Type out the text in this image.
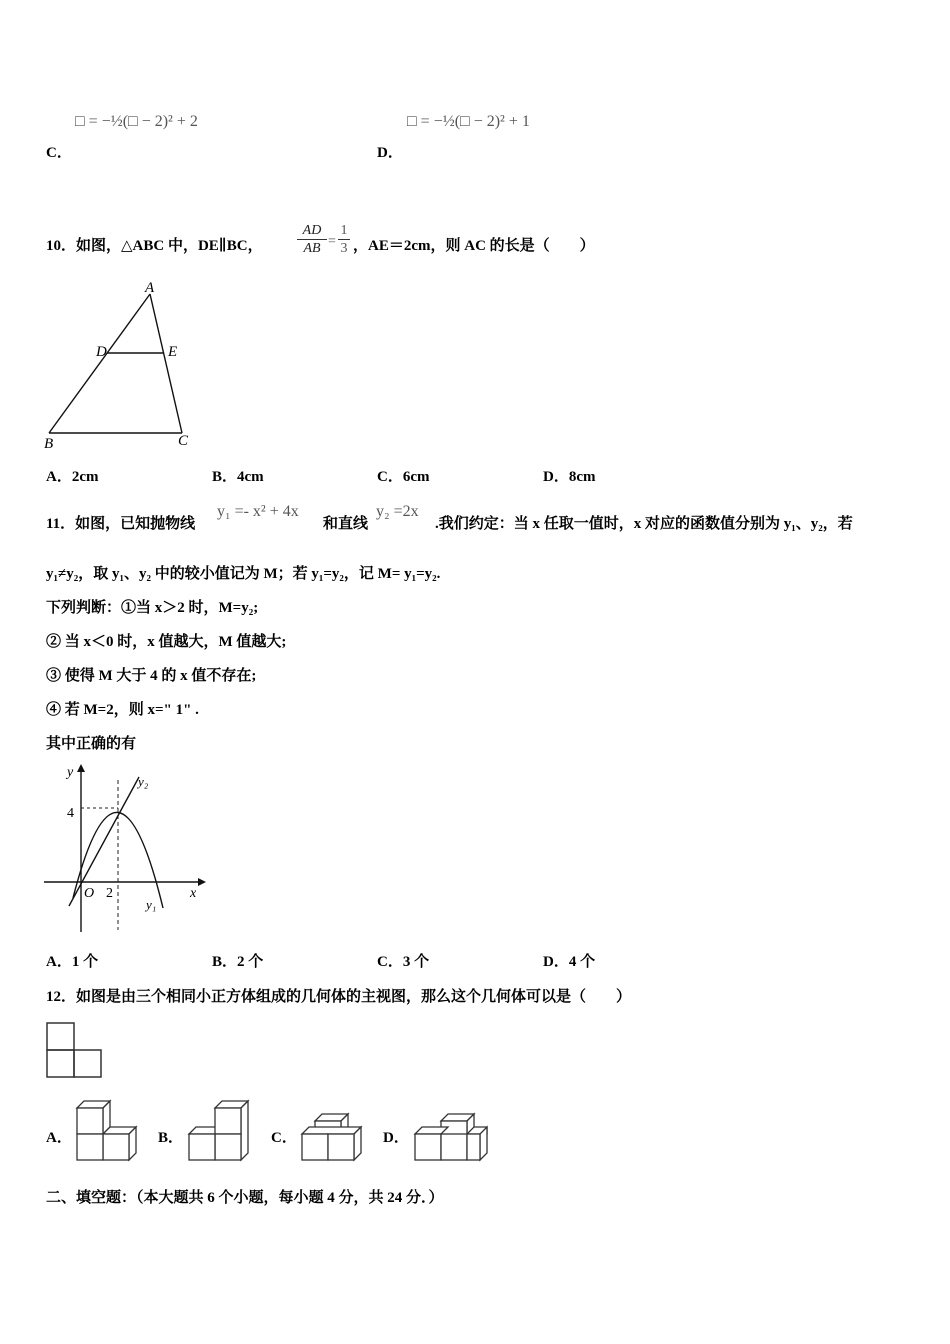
□ = −½(□ − 2)² + 2
C．
□ = −½(□ − 2)² + 1
D．
10．如图，△ABC 中，DE∥BC，
AD
AB =
1
3 ，AE＝2cm，则 AC 的长是（　　）
A
B	C
D	E
A．2cm	B．4cm	C．6cm	D．8cm
11．如图，已知抛物线
y₁ =- x² + 4x
和直线
y₂ =2x
.我们约定：当 x 任取一值时，x 对应的函数值分别为 y₁、y₂，若
y₁≠y₂，取 y₁、y₂ 中的较小值记为 M；若 y₁=y₂，记 M= y₁=y₂.
下列判断：①当 x＞2 时，M=y₂;
② 当 x＜0 时，x 值越大，M 值越大;
③ 使得 M 大于 4 的 x 值不存在;
④ 若 M=2，则 x=" 1" .
其中正确的有
y
y₂
4
O 2	x
y₁
A．1 个	B．2 个	C．3 个	D．4 个
12．如图是由三个相同小正方体组成的几何体的主视图，那么这个几何体可以是（　　）
A．	B．	C．	D．
二、填空题：（本大题共 6 个小题，每小题 4 分，共 24 分．）
